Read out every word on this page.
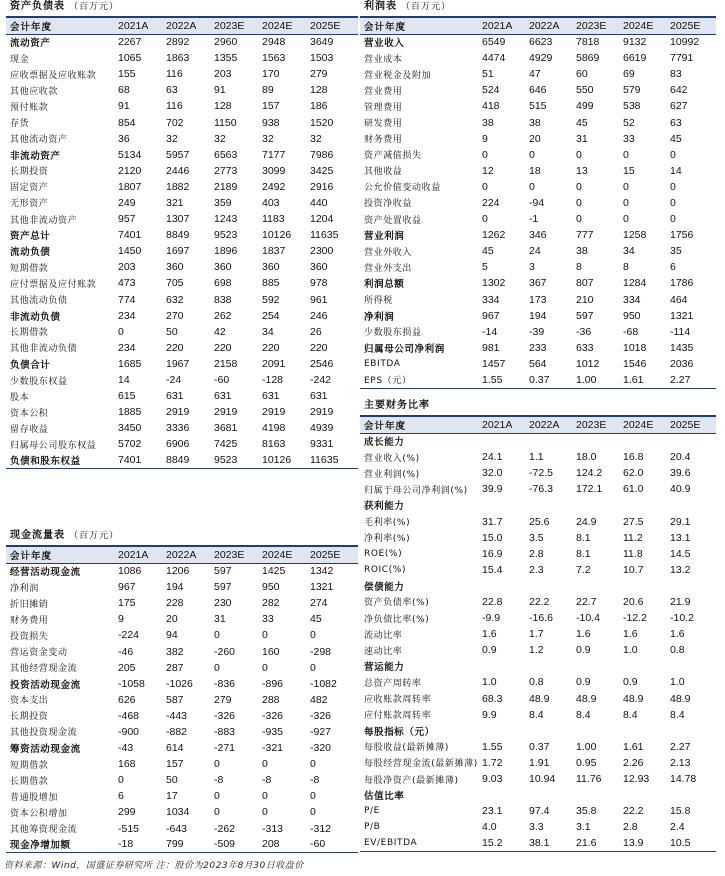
资产负债表 （百万元）
会计年度	2021A	2022A	2023E	2024E	2025E
流动资产	2267	2892	2960	2948	3649
现金	1065	1863	1355	1563	1503
应收票据及应收账款	155	116	203	170	279
其他应收款	68	63	91	89	128
预付账款	91	116	128	157	186
存货	854	702	1150	938	1520
其他流动资产	36	32	32	32	32
非流动资产	5134	5957	6563	7177	7986
长期投资	2120	2446	2773	3099	3425
固定资产	1807	1882	2189	2492	2916
无形资产	249	321	359	403	440
其他非流动资产	957	1307	1243	1183	1204
资产总计	7401	8849	9523	10126	11635
流动负债	1450	1697	1896	1837	2300
短期借款	203	360	360	360	360
应付票据及应付账款	473	705	698	885	978
其他流动负债	774	632	838	592	961
非流动负债	234	270	262	254	246
长期借款	0	50	42	34	26
其他非流动负债	234	220	220	220	220
负债合计	1685	1967	2158	2091	2546
少数股东权益	14	-24	-60	-128	-242
股本	615	631	631	631	631
资本公积	1885	2919	2919	2919	2919
留存收益	3450	3336	3681	4198	4939
归属母公司股东权益	5702	6906	7425	8163	9331
负债和股东权益	7401	8849	9523	10126	11635
利润表 （百万元）
会计年度	2021A	2022A	2023E	2024E	2025E
营业收入	6549	6623	7818	9132	10992
营业成本	4474	4929	5869	6619	7791
营业税金及附加	51	47	60	69	83
营业费用	524	646	550	579	642
管理费用	418	515	499	538	627
研发费用	38	38	45	52	63
财务费用	9	20	31	33	45
资产减值损失	0	0	0	0	0
其他收益	12	18	13	15	14
公允价值变动收益	0	0	0	0	0
投资净收益	224	-94	0	0	0
资产处置收益	0	-1	0	0	0
营业利润	1262	346	777	1258	1756
营业外收入	45	24	38	34	35
营业外支出	5	3	8	8	6
利润总额	1302	367	807	1284	1786
所得税	334	173	210	334	464
净利润	967	194	597	950	1321
少数股东损益	-14	-39	-36	-68	-114
归属母公司净利润	981	233	633	1018	1435
EBITDA	1457	564	1012	1546	2036
EPS（元）	1.55	0.37	1.00	1.61	2.27
主要财务比率
会计年度	2021A	2022A	2023E	2024E	2025E
成长能力					
营业收入(%)	24.1	1.1	18.0	16.8	20.4
营业利润(%)	32.0	-72.5	124.2	62.0	39.6
归属于母公司净利润(%)	39.9	-76.3	172.1	61.0	40.9
获利能力					
毛利率(%)	31.7	25.6	24.9	27.5	29.1
净利率(%)	15.0	3.5	8.1	11.2	13.1
ROE(%)	16.9	2.8	8.1	11.8	14.5
ROIC(%)	15.4	2.3	7.2	10.7	13.2
偿债能力					
资产负债率(%)	22.8	22.2	22.7	20.6	21.9
净负债比率(%)	-9.9	-16.6	-10.4	-12.2	-10.2
流动比率	1.6	1.7	1.6	1.6	1.6
速动比率	0.9	1.2	0.9	1.0	0.8
营运能力					
总资产周转率	1.0	0.8	0.9	0.9	1.0
应收账款周转率	68.3	48.9	48.9	48.9	48.9
应付账款周转率	9.9	8.4	8.4	8.4	8.4
每股指标（元）					
每股收益(最新摊薄)	1.55	0.37	1.00	1.61	2.27
每股经营现金流(最新摊薄)	1.72	1.91	0.95	2.26	2.13
每股净资产(最新摊薄)	9.03	10.94	11.76	12.93	14.78
估值比率					
P/E	23.1	97.4	35.8	22.2	15.8
P/B	4.0	3.3	3.1	2.8	2.4
EV/EBITDA	15.2	38.1	21.6	13.9	10.5
现金流量表 （百万元）
会计年度	2021A	2022A	2023E	2024E	2025E
经营活动现金流	1086	1206	597	1425	1342
净利润	967	194	597	950	1321
折旧摊销	175	228	230	282	274
财务费用	9	20	31	33	45
投资损失	-224	94	0	0	0
营运资金变动	-46	382	-260	160	-298
其他经营现金流	205	287	0	0	0
投资活动现金流	-1058	-1026	-836	-896	-1082
资本支出	626	587	279	288	482
长期投资	-468	-443	-326	-326	-326
其他投资现金流	-900	-882	-883	-935	-927
筹资活动现金流	-43	614	-271	-321	-320
短期借款	168	157	0	0	0
长期借款	0	50	-8	-8	-8
普通股增加	6	17	0	0	0
资本公积增加	299	1034	0	0	0
其他筹资现金流	-515	-643	-262	-313	-312
现金净增加额	-18	799	-509	208	-60
资料来源：Wind，国盛证券研究所 注：股价为2023年8月30日收盘价
